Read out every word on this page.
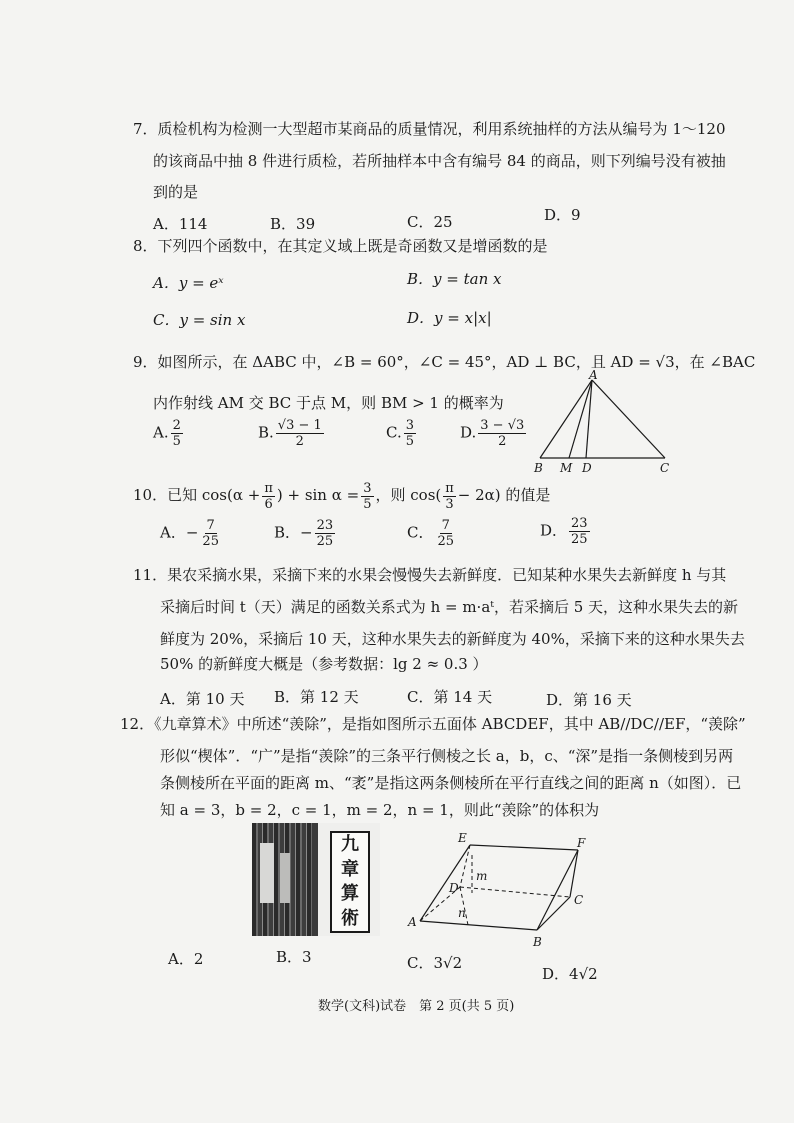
7．质检机构为检测一大型超市某商品的质量情况，利用系统抽样的方法从编号为 1～120
的该商品中抽 8 件进行质检，若所抽样本中含有编号 84 的商品，则下列编号没有被抽
到的是
A．114	B．39	C．25	D．9
8．下列四个函数中，在其定义域上既是奇函数又是增函数的是
A．y = eˣ	B．y = tan x
C．y = sin x	D．y = x|x|
9．如图所示，在 ΔABC 中，∠B = 60°，∠C = 45°，AD ⊥ BC，且 AD = √3，在 ∠BAC
内作射线 AM 交 BC 于点 M，则 BM > 1 的概率为
A. $\frac{2}{5}$	B. $\frac{√3 - 1}{2}$	C. $\frac{3}{5}$	D. $\frac{3 - √3}{2}$
A
B M D	C
10．已知 $\cos(\alpha + \frac{\pi}{6}$ ) + $\sin \alpha = \frac{3}{5}$ ，则 $\cos( \frac{\pi}{3} - 2\alpha)$ 的值是
A．− $\frac{7}{25}$	B．− $\frac{23}{25}$	C． $\frac{7}{25}$	D． $\frac{23}{25}$
11．果农采摘水果，采摘下来的水果会慢慢失去新鲜度．已知某种水果失去新鲜度 h 与其
采摘后时间 t（天）满足的函数关系式为 h = m·aᵗ，若采摘后 5 天，这种水果失去的新
鲜度为 20%，采摘后 10 天，这种水果失去的新鲜度为 40%，采摘下来的这种水果失去
50% 的新鲜度大概是（参考数据：lg 2 ≈ 0.3 ）
A．第 10 天 B．第 12 天	C．第 14 天	D．第 16 天
12．《九章算术》中所述“羡除”，是指如图所示五面体 ABCDEF，其中 AB//DC//EF，“羡除”
形似“楔体”．“广”是指“羡除”的三条平行侧棱之长 a，b，c、“深”是指一条侧棱到另两
条侧棱所在平面的距离 m、“袤”是指这两条侧棱所在平行直线之间的距离 n（如图）．已
知 a = 3，b = 2，c = 1，m = 2，n = 1，则此“羡除”的体积为
九
章
算
術
E	F
D
C
A
B
m
n
A．2	B．3	C．3√2
D．4√2
数学(文科)试卷　第 2 页(共 5 页)
